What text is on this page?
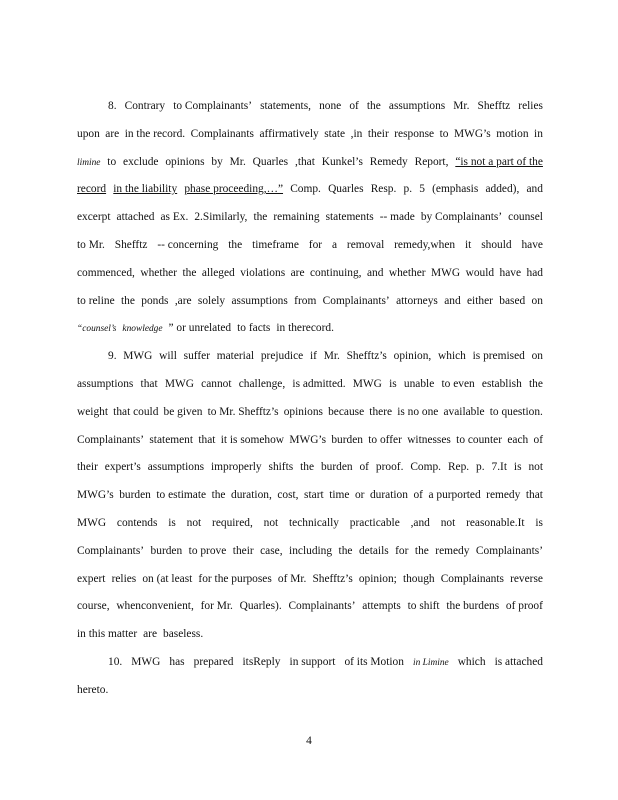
8. Contrary to Complainants’ statements, none of the assumptions Mr. Shefftz relies
upon are in the record. Complainants affirmatively state ,in their response to MWG’s motion in
limine to exclude opinions by Mr. Quarles ,that Kunkel’s Remedy Report, “is not a part of the
record in the liability phase proceeding,…” Comp. Quarles Resp. p. 5 (emphasis added), and
excerpt attached as Ex. 2.Similarly, the remaining statements -- made by Complainants’ counsel
to Mr. Shefftz -- concerning the timeframe for a removal remedy,when it should have
commenced, whether the alleged violations are continuing, and whether MWG would have had
to reline the ponds ,are solely assumptions from Complainants’ attorneys and either based on
“counsel’s knowledge ” or unrelated to facts in therecord.
9. MWG will suffer material prejudice if Mr. Shefftz’s opinion, which is premised on
assumptions that MWG cannot challenge, is admitted. MWG is unable to even establish the
weight that could be given to Mr. Shefftz’s opinions because there is no one available to question.
Complainants’ statement that it is somehow MWG’s burden to offer witnesses to counter each of
their expert’s assumptions improperly shifts the burden of proof. Comp. Rep. p. 7.It is not
MWG’s burden to estimate the duration, cost, start time or duration of a purported remedy that
MWG contends is not required, not technically practicable ,and not reasonable.It is
Complainants’ burden to prove their case, including the details for the remedy Complainants’
expert relies on (at least for the purposes of Mr. Shefftz’s opinion; though Complainants reverse
course, whenconvenient, for Mr. Quarles). Complainants’ attempts to shift the burdens of proof
in this matter are baseless.
10. MWG has prepared itsReply in support of its Motion in Limine which is attached
hereto.
4
